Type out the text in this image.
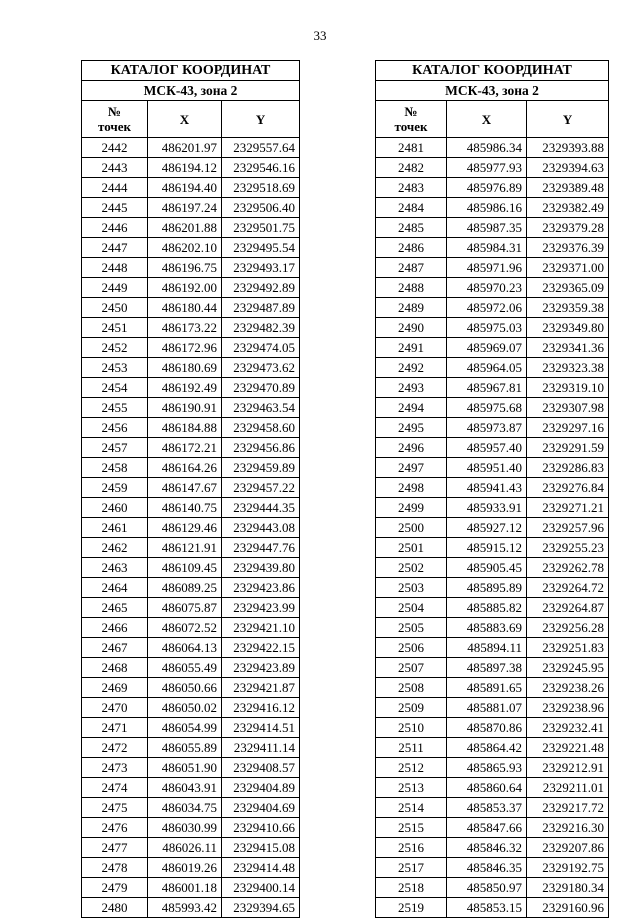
33
КАТАЛОГ КООРДИНАТ		
МСК-43, зона 2		
№
точек	X	Y
2442	486201.97	2329557.64
2443	486194.12	2329546.16
2444	486194.40	2329518.69
2445	486197.24	2329506.40
2446	486201.88	2329501.75
2447	486202.10	2329495.54
2448	486196.75	2329493.17
2449	486192.00	2329492.89
2450	486180.44	2329487.89
2451	486173.22	2329482.39
2452	486172.96	2329474.05
2453	486180.69	2329473.62
2454	486192.49	2329470.89
2455	486190.91	2329463.54
2456	486184.88	2329458.60
2457	486172.21	2329456.86
2458	486164.26	2329459.89
2459	486147.67	2329457.22
2460	486140.75	2329444.35
2461	486129.46	2329443.08
2462	486121.91	2329447.76
2463	486109.45	2329439.80
2464	486089.25	2329423.86
2465	486075.87	2329423.99
2466	486072.52	2329421.10
2467	486064.13	2329422.15
2468	486055.49	2329423.89
2469	486050.66	2329421.87
2470	486050.02	2329416.12
2471	486054.99	2329414.51
2472	486055.89	2329411.14
2473	486051.90	2329408.57
2474	486043.91	2329404.89
2475	486034.75	2329404.69
2476	486030.99	2329410.66
2477	486026.11	2329415.08
2478	486019.26	2329414.48
2479	486001.18	2329400.14
2480	485993.42	2329394.65
КАТАЛОГ КООРДИНАТ		
МСК-43, зона 2		
№
точек	X	Y
2481	485986.34	2329393.88
2482	485977.93	2329394.63
2483	485976.89	2329389.48
2484	485986.16	2329382.49
2485	485987.35	2329379.28
2486	485984.31	2329376.39
2487	485971.96	2329371.00
2488	485970.23	2329365.09
2489	485972.06	2329359.38
2490	485975.03	2329349.80
2491	485969.07	2329341.36
2492	485964.05	2329323.38
2493	485967.81	2329319.10
2494	485975.68	2329307.98
2495	485973.87	2329297.16
2496	485957.40	2329291.59
2497	485951.40	2329286.83
2498	485941.43	2329276.84
2499	485933.91	2329271.21
2500	485927.12	2329257.96
2501	485915.12	2329255.23
2502	485905.45	2329262.78
2503	485895.89	2329264.72
2504	485885.82	2329264.87
2505	485883.69	2329256.28
2506	485894.11	2329251.83
2507	485897.38	2329245.95
2508	485891.65	2329238.26
2509	485881.07	2329238.96
2510	485870.86	2329232.41
2511	485864.42	2329221.48
2512	485865.93	2329212.91
2513	485860.64	2329211.01
2514	485853.37	2329217.72
2515	485847.66	2329216.30
2516	485846.32	2329207.86
2517	485846.35	2329192.75
2518	485850.97	2329180.34
2519	485853.15	2329160.96
